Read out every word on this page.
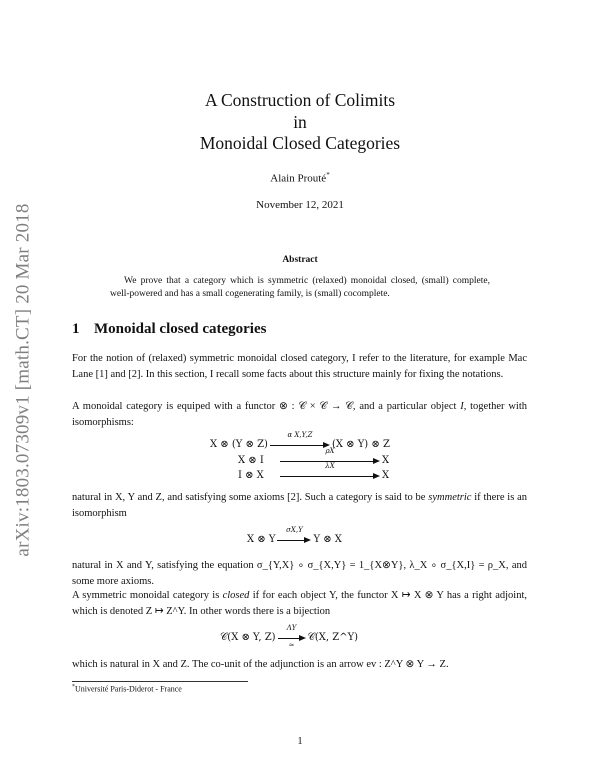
arXiv:1803.07309v1 [math.CT] 20 Mar 2018
A Construction of Colimits
in
Monoidal Closed Categories
Alain Prouté*
November 12, 2021
Abstract
We prove that a category which is symmetric (relaxed) monoidal closed, (small) complete, well-powered and has a small cogenerating family, is (small) cocomplete.
1 Monoidal closed categories
For the notion of (relaxed) symmetric monoidal closed category, I refer to the literature, for example Mac Lane [1] and [2]. In this section, I recall some facts about this structure mainly for fixing the notations.
A monoidal category is equiped with a functor ⊗ : 𝒞 × 𝒞 → 𝒞, and a particular object I, together with isomorphisms:
X ⊗ (Y ⊗ Z)
α X,Y,Z
(X ⊗ Y) ⊗ Z
X ⊗ I
ρX
X
I ⊗ X
λX
X
natural in X, Y and Z, and satisfying some axioms [2]. Such a category is said to be symmetric if there is an isomorphism
X ⊗ Y
σX,Y
Y ⊗ X
natural in X and Y, satisfying the equation σ_{Y,X} ∘ σ_{X,Y} = 1_{X⊗Y}, λ_X ∘ σ_{X,I} = ρ_X, and some more axioms.
A symmetric monoidal category is closed if for each object Y, the functor X ↦ X ⊗ Y has a right adjoint, which is denoted Z ↦ Z^Y. In other words there is a bijection
𝒞(X ⊗ Y, Z)
ΛY
≃
𝒞(X, Z^Y)
which is natural in X and Z. The co-unit of the adjunction is an arrow ev : Z^Y ⊗ Y → Z.
*Université Paris-Diderot - France
1
